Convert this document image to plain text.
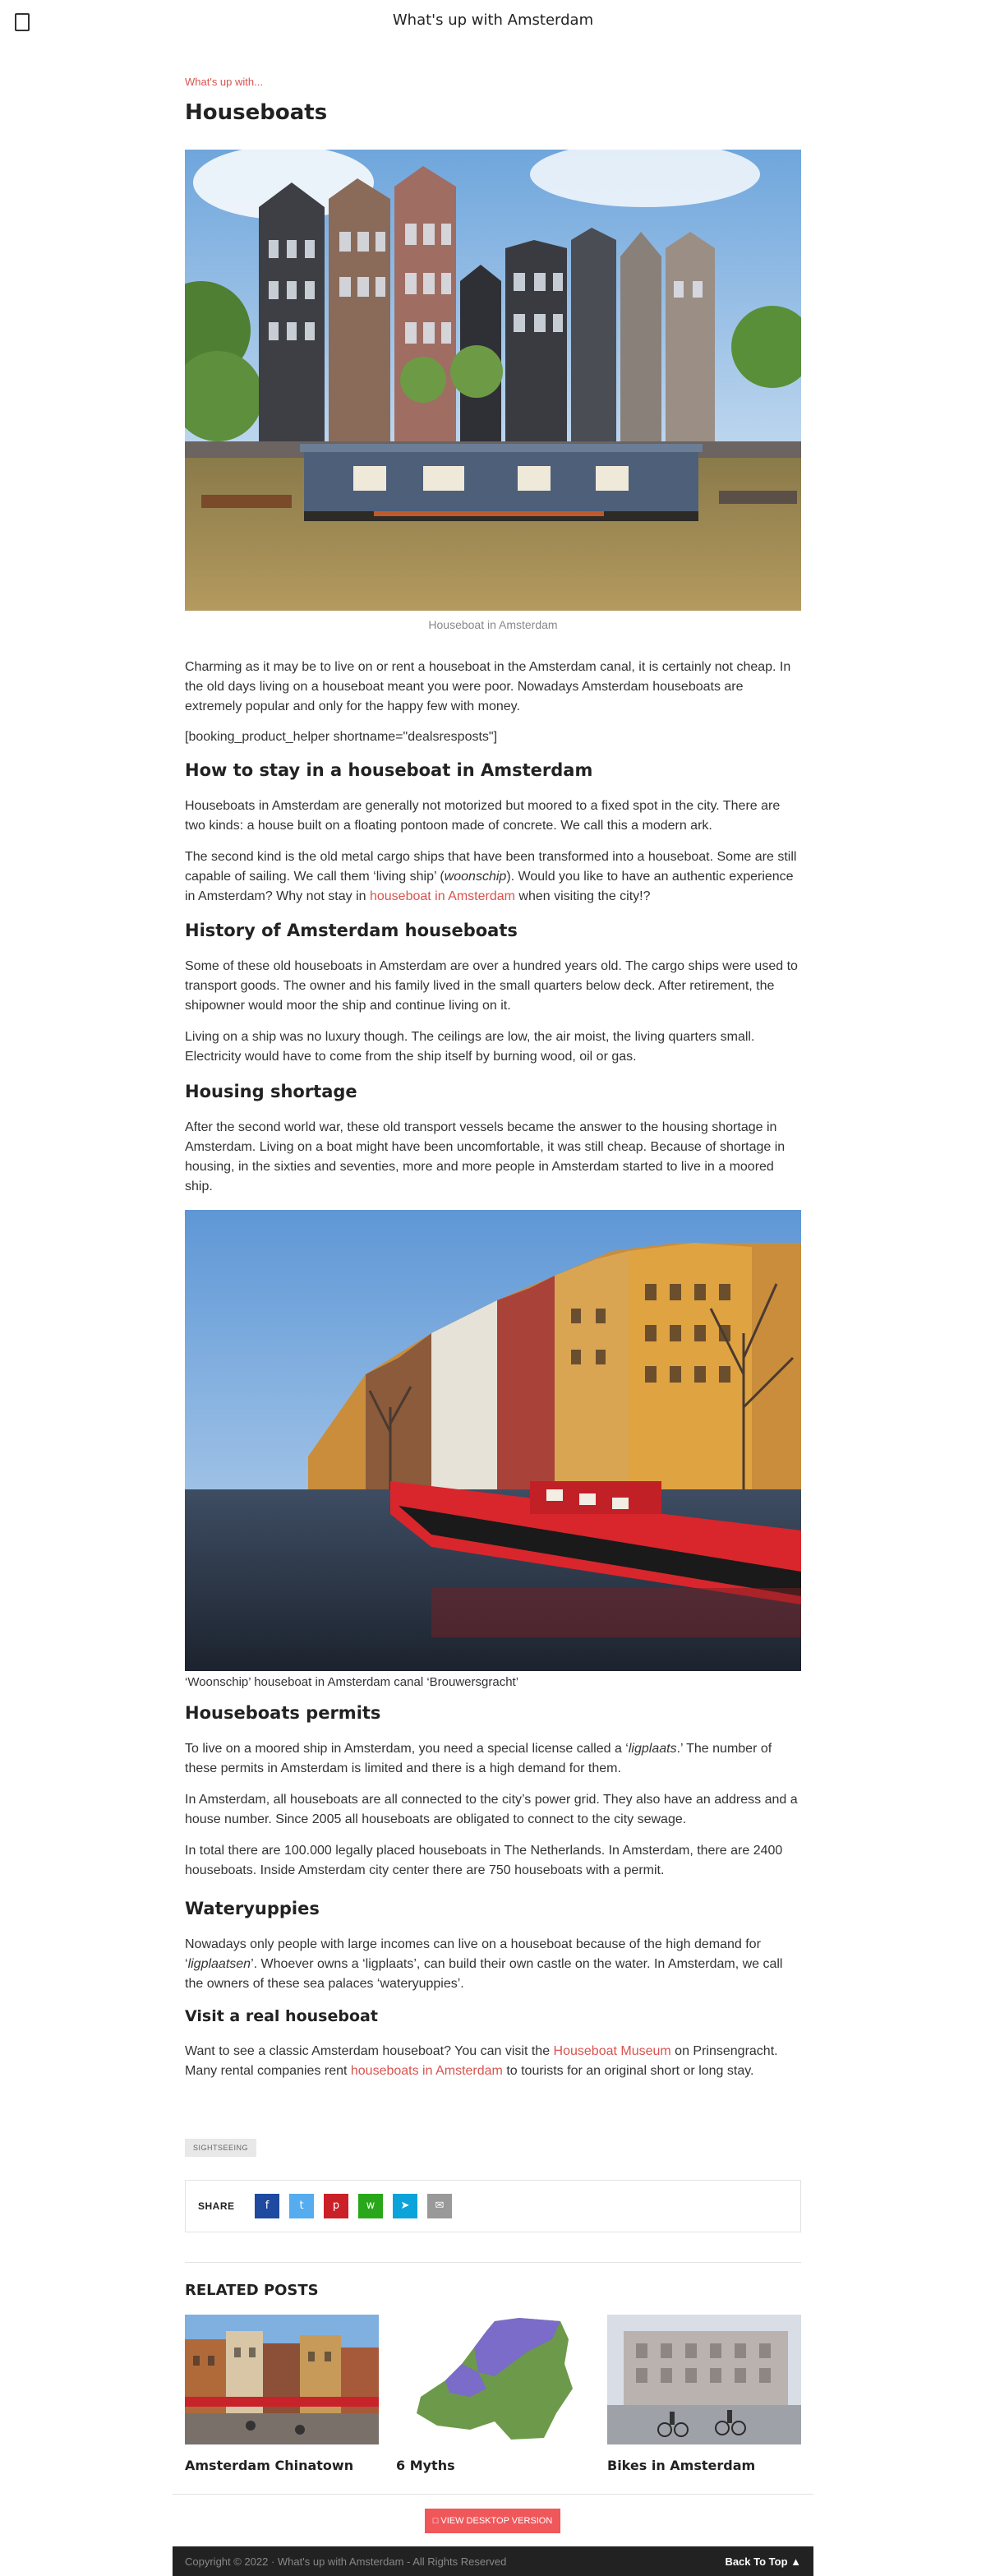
What's up with Amsterdam
What's up with...
Houseboats
Houseboat in Amsterdam

Charming as it may be to live on or rent a houseboat in the Amsterdam canal, it is certainly not cheap. In the old days living on a houseboat meant you were poor. Nowadays Amsterdam houseboats are extremely popular and only for the happy few with money.

[booking_product_helper shortname="dealsresposts"]

How to stay in a houseboat in Amsterdam

Houseboats in Amsterdam are generally not motorized but moored to a fixed spot in the city. There are two kinds: a house built on a floating pontoon made of concrete. We call this a modern ark.

The second kind is the old metal cargo ships that have been transformed into a houseboat. Some are still capable of sailing. We call them ‘living ship’ (woonschip). Would you like to have an authentic experience in Amsterdam? Why not stay in houseboat in Amsterdam when visiting the city!?

History of Amsterdam houseboats

Some of these old houseboats in Amsterdam are over a hundred years old. The cargo ships were used to transport goods. The owner and his family lived in the small quarters below deck. After retirement, the shipowner would moor the ship and continue living on it.

Living on a ship was no luxury though. The ceilings are low, the air moist, the living quarters small. Electricity would have to come from the ship itself by burning wood, oil or gas.

Housing shortage

After the second world war, these old transport vessels became the answer to the housing shortage in Amsterdam. Living on a boat might have been uncomfortable, it was still cheap. Because of shortage in housing, in the sixties and seventies, more and more people in Amsterdam started to live in a moored ship.

‘Woonschip’ houseboat in Amsterdam canal ‘Brouwersgracht’
Houseboats permits

To live on a moored ship in Amsterdam, you need a special license called a ‘ligplaats.’ The number of these permits in Amsterdam is limited and there is a high demand for them.

In Amsterdam, all houseboats are all connected to the city’s power grid. They also have an address and a house number. Since 2005 all houseboats are obligated to connect to the city sewage.

In total there are 100.000 legally placed houseboats in The Netherlands. In Amsterdam, there are 2400 houseboats. Inside Amsterdam city center there are 750 houseboats with a permit.

Wateryuppies

Nowadays only people with large incomes can live on a houseboat because of the high demand for ‘ligplaatsen’. Whoever owns a ‘ligplaats’, can build their own castle on the water. In Amsterdam, we call the owners of these sea palaces ‘wateryuppies’.

Visit a real houseboat

Want to see a classic Amsterdam houseboat? You can visit the Houseboat Museum on Prinsengracht. Many rental companies rent houseboats in Amsterdam to tourists for an original short or long stay.

SIGHTSEEING
SHARE	f	t	p	w	➤	✉
RELATED POSTS
Amsterdam Chinatown	6 Myths	Bikes in Amsterdam
□ VIEW DESKTOP VERSION
Copyright © 2022 · What's up with Amsterdam - All Rights Reserved	Back To Top ▲
